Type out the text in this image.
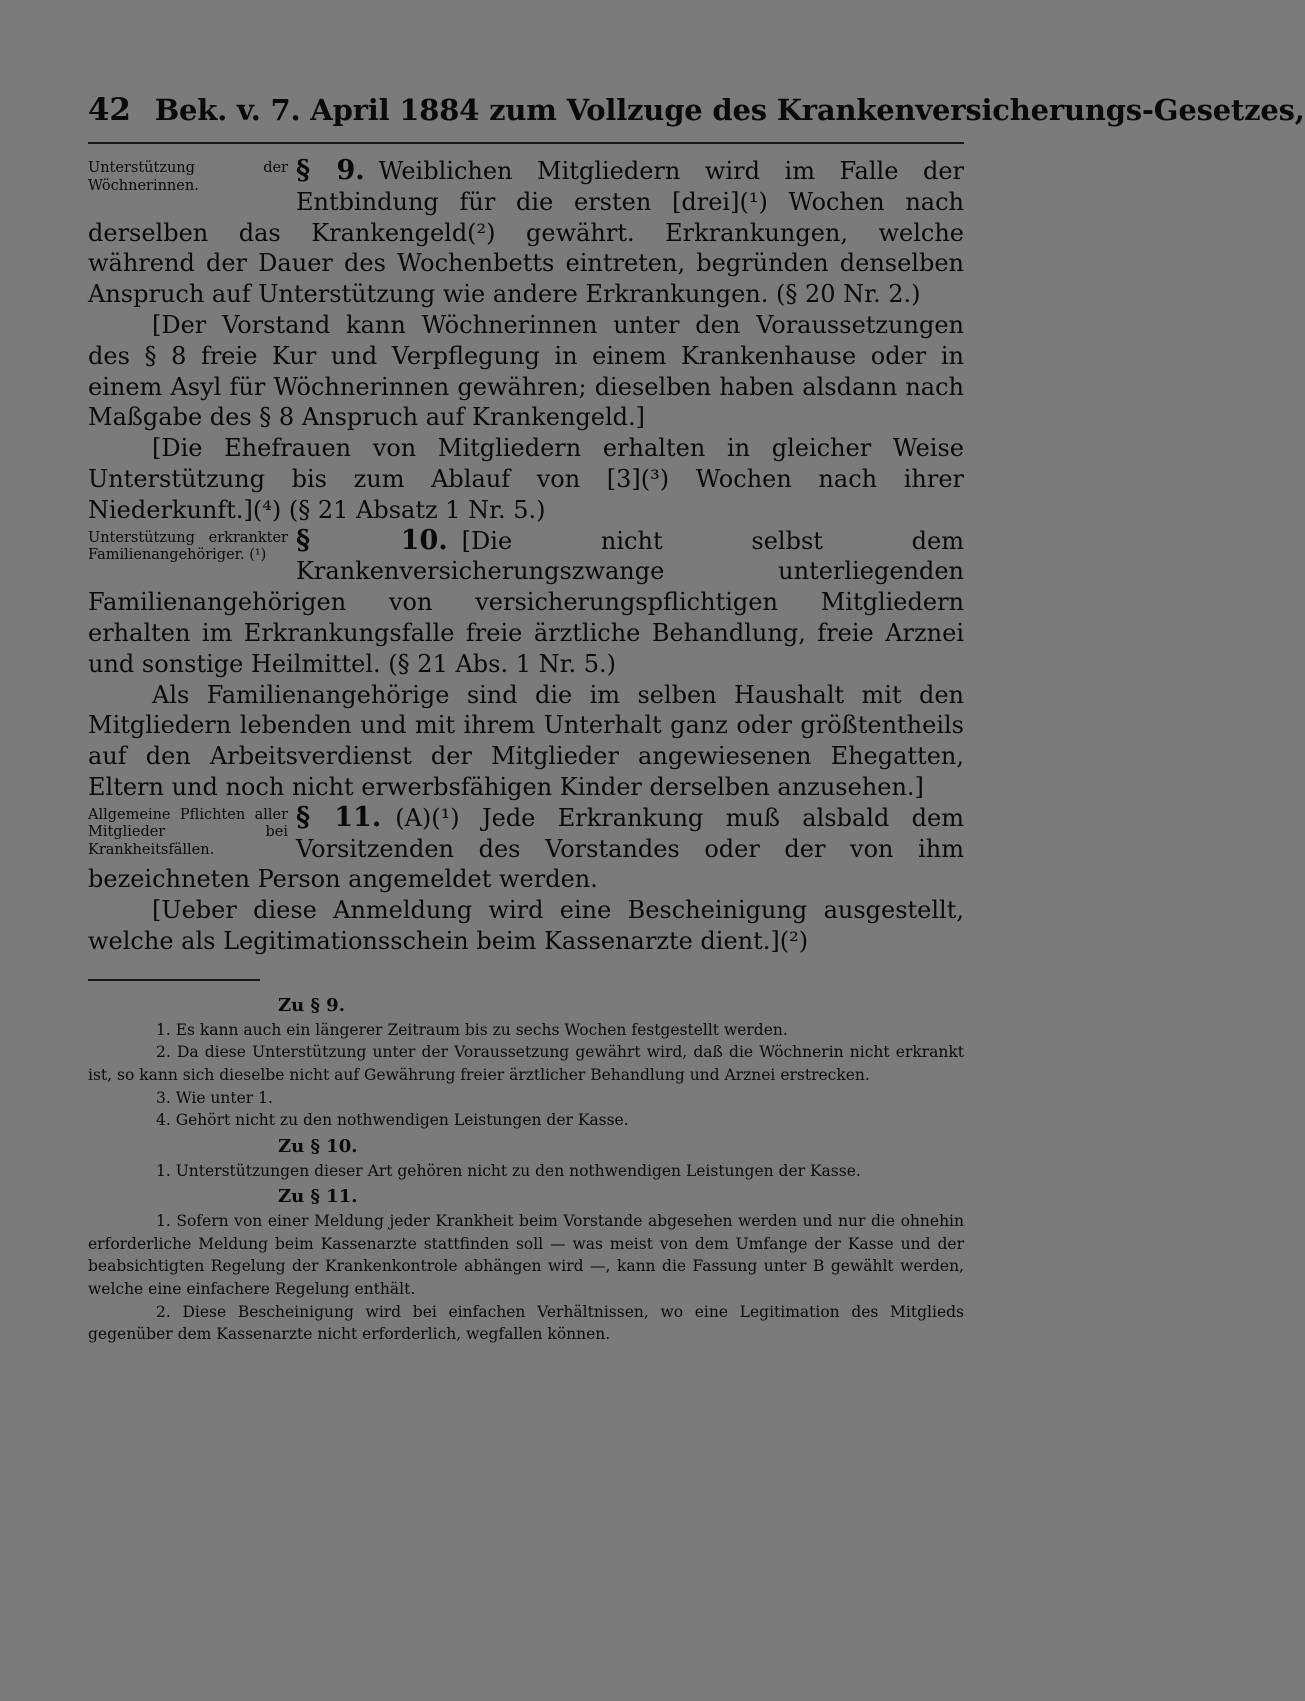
42 Bek. v. 7. April 1884 zum Vollzuge des Krankenversicherungs-Gesetzes,
Unterstützung der Wöchnerinnen.	§ 9. Weiblichen Mitgliedern wird im Falle der Entbindung für die ersten [drei](¹) Wochen nach derselben das Krankengeld(²) gewährt. Erkrankungen, welche während der Dauer des Wochenbetts eintreten, begründen denselben Anspruch auf Unterstützung wie andere Erkrankungen. (§ 20 Nr. 2.)

[Der Vorstand kann Wöchnerinnen unter den Voraussetzungen des § 8 freie Kur und Verpflegung in einem Krankenhause oder in einem Asyl für Wöchnerinnen gewähren; dieselben haben alsdann nach Maßgabe des § 8 Anspruch auf Krankengeld.]

[Die Ehefrauen von Mitgliedern erhalten in gleicher Weise Unterstützung bis zum Ablauf von [3](³) Wochen nach ihrer Niederkunft.](⁴) (§ 21 Absatz 1 Nr. 5.)

Unterstützung erkrankter Familienangehöriger. (¹)	§ 10. [Die nicht selbst dem Krankenversicherungszwange unterliegenden Familienangehörigen von versicherungspflichtigen Mitgliedern erhalten im Erkrankungsfalle freie ärztliche Behandlung, freie Arznei und sonstige Heilmittel. (§ 21 Abs. 1 Nr. 5.)

Als Familienangehörige sind die im selben Haushalt mit den Mitgliedern lebenden und mit ihrem Unterhalt ganz oder größtentheils auf den Arbeitsverdienst der Mitglieder angewiesenen Ehegatten, Eltern und noch nicht erwerbsfähigen Kinder derselben anzusehen.]

Allgemeine Pflichten aller Mitglieder bei Krankheitsfällen.

§ 11. (A)(¹) Jede Erkrankung muß alsbald dem Vorsitzenden des Vorstandes oder der von ihm bezeichneten Person angemeldet werden.

[Ueber diese Anmeldung wird eine Bescheinigung ausgestellt, welche als Legitimationsschein beim Kassenarzte dient.](²)

Zu § 9.

1. Es kann auch ein längerer Zeitraum bis zu sechs Wochen festgestellt werden.

2. Da diese Unterstützung unter der Voraussetzung gewährt wird, daß die Wöchnerin nicht erkrankt ist, so kann sich dieselbe nicht auf Gewährung freier ärztlicher Behandlung und Arznei erstrecken.

3. Wie unter 1.

4. Gehört nicht zu den nothwendigen Leistungen der Kasse.

Zu § 10.

1. Unterstützungen dieser Art gehören nicht zu den nothwendigen Leistungen der Kasse.

Zu § 11.

1. Sofern von einer Meldung jeder Krankheit beim Vorstande abgesehen werden und nur die ohnehin erforderliche Meldung beim Kassenarzte stattfinden soll — was meist von dem Umfange der Kasse und der beabsichtigten Regelung der Krankenkontrole abhängen wird —, kann die Fassung unter B gewählt werden, welche eine einfachere Regelung enthält.

2. Diese Bescheinigung wird bei einfachen Verhältnissen, wo eine Legitimation des Mitglieds gegenüber dem Kassenarzte nicht erforderlich, wegfallen können.
